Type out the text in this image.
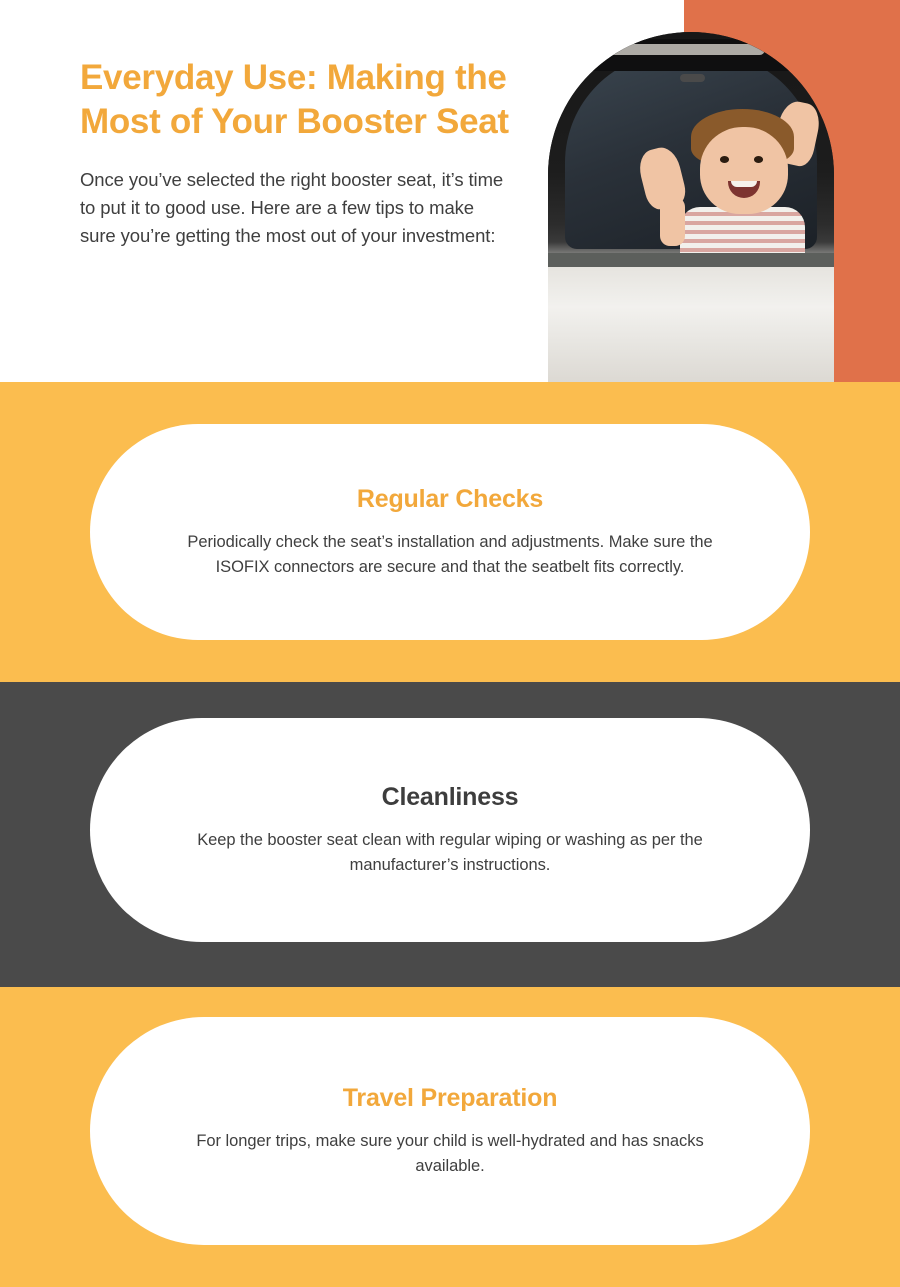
Everyday Use: Making the Most of Your Booster Seat
Once you’ve selected the right booster seat, it’s time to put it to good use. Here are a few tips to make sure you’re getting the most out of your investment:
Regular Checks
Periodically check the seat’s installation and adjustments. Make sure the ISOFIX connectors are secure and that the seatbelt fits correctly.
Cleanliness
Keep the booster seat clean with regular wiping or washing as per the manufacturer’s instructions.
Travel Preparation
For longer trips, make sure your child is well-hydrated and has snacks available.
